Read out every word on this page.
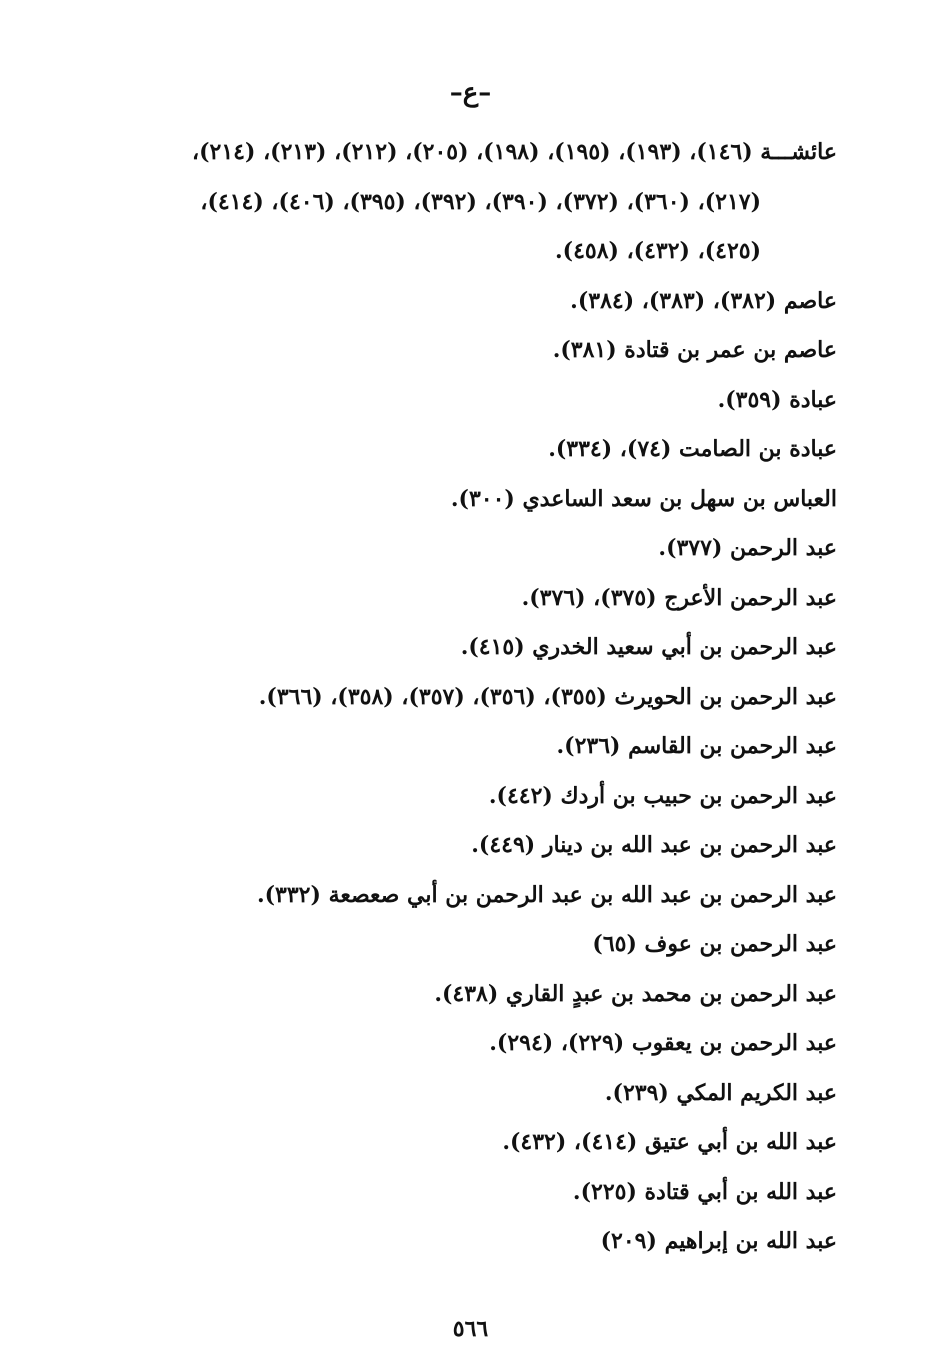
–ع–
عائشـــة (١٤٦)، (١٩٣)، (١٩٥)، (١٩٨)، (٢٠٥)، (٢١٢)، (٢١٣)، (٢١٤)،
(٢١٧)، (٣٦٠)، (٣٧٢)، (٣٩٠)، (٣٩٢)، (٣٩٥)، (٤٠٦)، (٤١٤)،
(٤٢٥)، (٤٣٢)، (٤٥٨).
عاصم (٣٨٢)، (٣٨٣)، (٣٨٤).
عاصم بن عمر بن قتادة (٣٨١).
عبادة (٣٥٩).
عبادة بن الصامت (٧٤)، (٣٣٤).
العباس بن سهل بن سعد الساعدي (٣٠٠).
عبد الرحمن (٣٧٧).
عبد الرحمن الأعرج (٣٧٥)، (٣٧٦).
عبد الرحمن بن أبي سعيد الخدري (٤١٥).
عبد الرحمن بن الحويرث (٣٥٥)، (٣٥٦)، (٣٥٧)، (٣٥٨)، (٣٦٦).
عبد الرحمن بن القاسم (٢٣٦).
عبد الرحمن بن حبيب بن أردك (٤٤٢).
عبد الرحمن بن عبد الله بن دينار (٤٤٩).
عبد الرحمن بن عبد الله بن عبد الرحمن بن أبي صعصعة (٣٣٢).
عبد الرحمن بن عوف (٦٥)
عبد الرحمن بن محمد بن عبدٍ القاري (٤٣٨).
عبد الرحمن بن يعقوب (٢٢٩)، (٢٩٤).
عبد الكريم المكي (٢٣٩).
عبد الله بن أبي عتيق (٤١٤)، (٤٣٢).
عبد الله بن أبي قتادة (٢٢٥).
عبد الله بن إبراهيم (٢٠٩)
٥٦٦
